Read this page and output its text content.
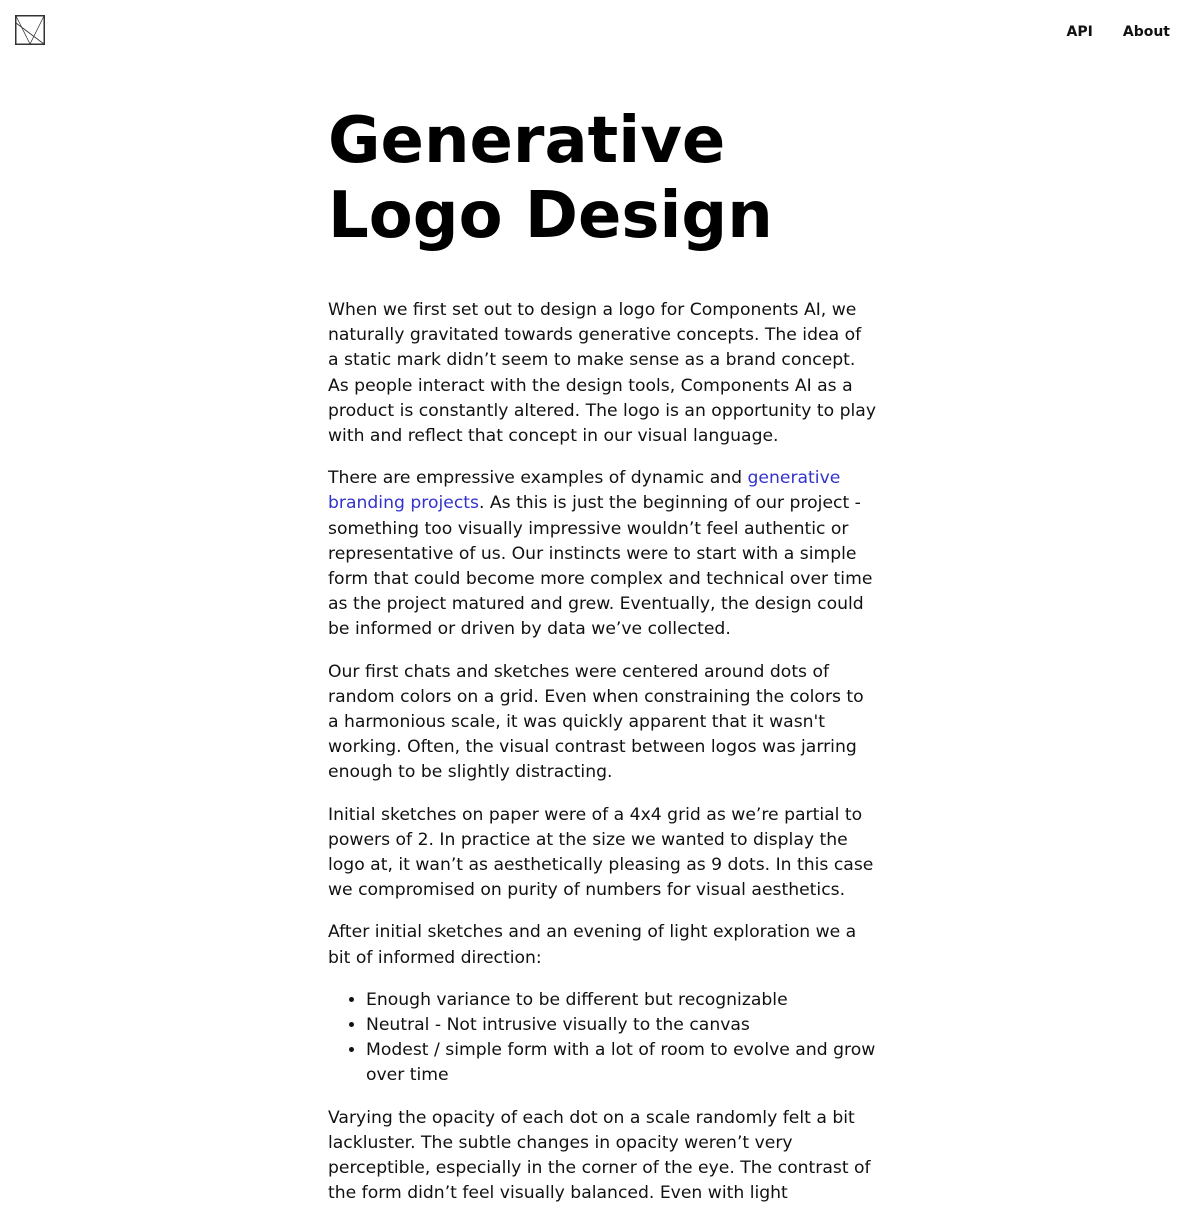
API About
Generative
Logo Design

When we first set out to design a logo for Components AI, we naturally gravitated towards generative concepts. The idea of a static mark didn’t seem to make sense as a brand concept. As people interact with the design tools, Components AI as a product is constantly altered. The logo is an opportunity to play with and reflect that concept in our visual language.

There are empressive examples of dynamic and generative branding projects. As this is just the beginning of our project - something too visually impressive wouldn’t feel authentic or representative of us. Our instincts were to start with a simple form that could become more complex and technical over time as the project matured and grew. Eventually, the design could be informed or driven by data we’ve collected.

Our first chats and sketches were centered around dots of random colors on a grid. Even when constraining the colors to a harmonious scale, it was quickly apparent that it wasn't working. Often, the visual contrast between logos was jarring enough to be slightly distracting.

Initial sketches on paper were of a 4x4 grid as we’re partial to powers of 2. In practice at the size we wanted to display the logo at, it wan’t as aesthetically pleasing as 9 dots. In this case we compromised on purity of numbers for visual aesthetics.

After initial sketches and an evening of light exploration we a bit of informed direction:

• Enough variance to be different but recognizable
• Neutral - Not intrusive visually to the canvas
• Modest / simple form with a lot of room to evolve and grow over time

Varying the opacity of each dot on a scale randomly felt a bit lackluster. The subtle changes in opacity weren’t very perceptible, especially in the corner of the eye. The contrast of the form didn’t feel visually balanced. Even with light
